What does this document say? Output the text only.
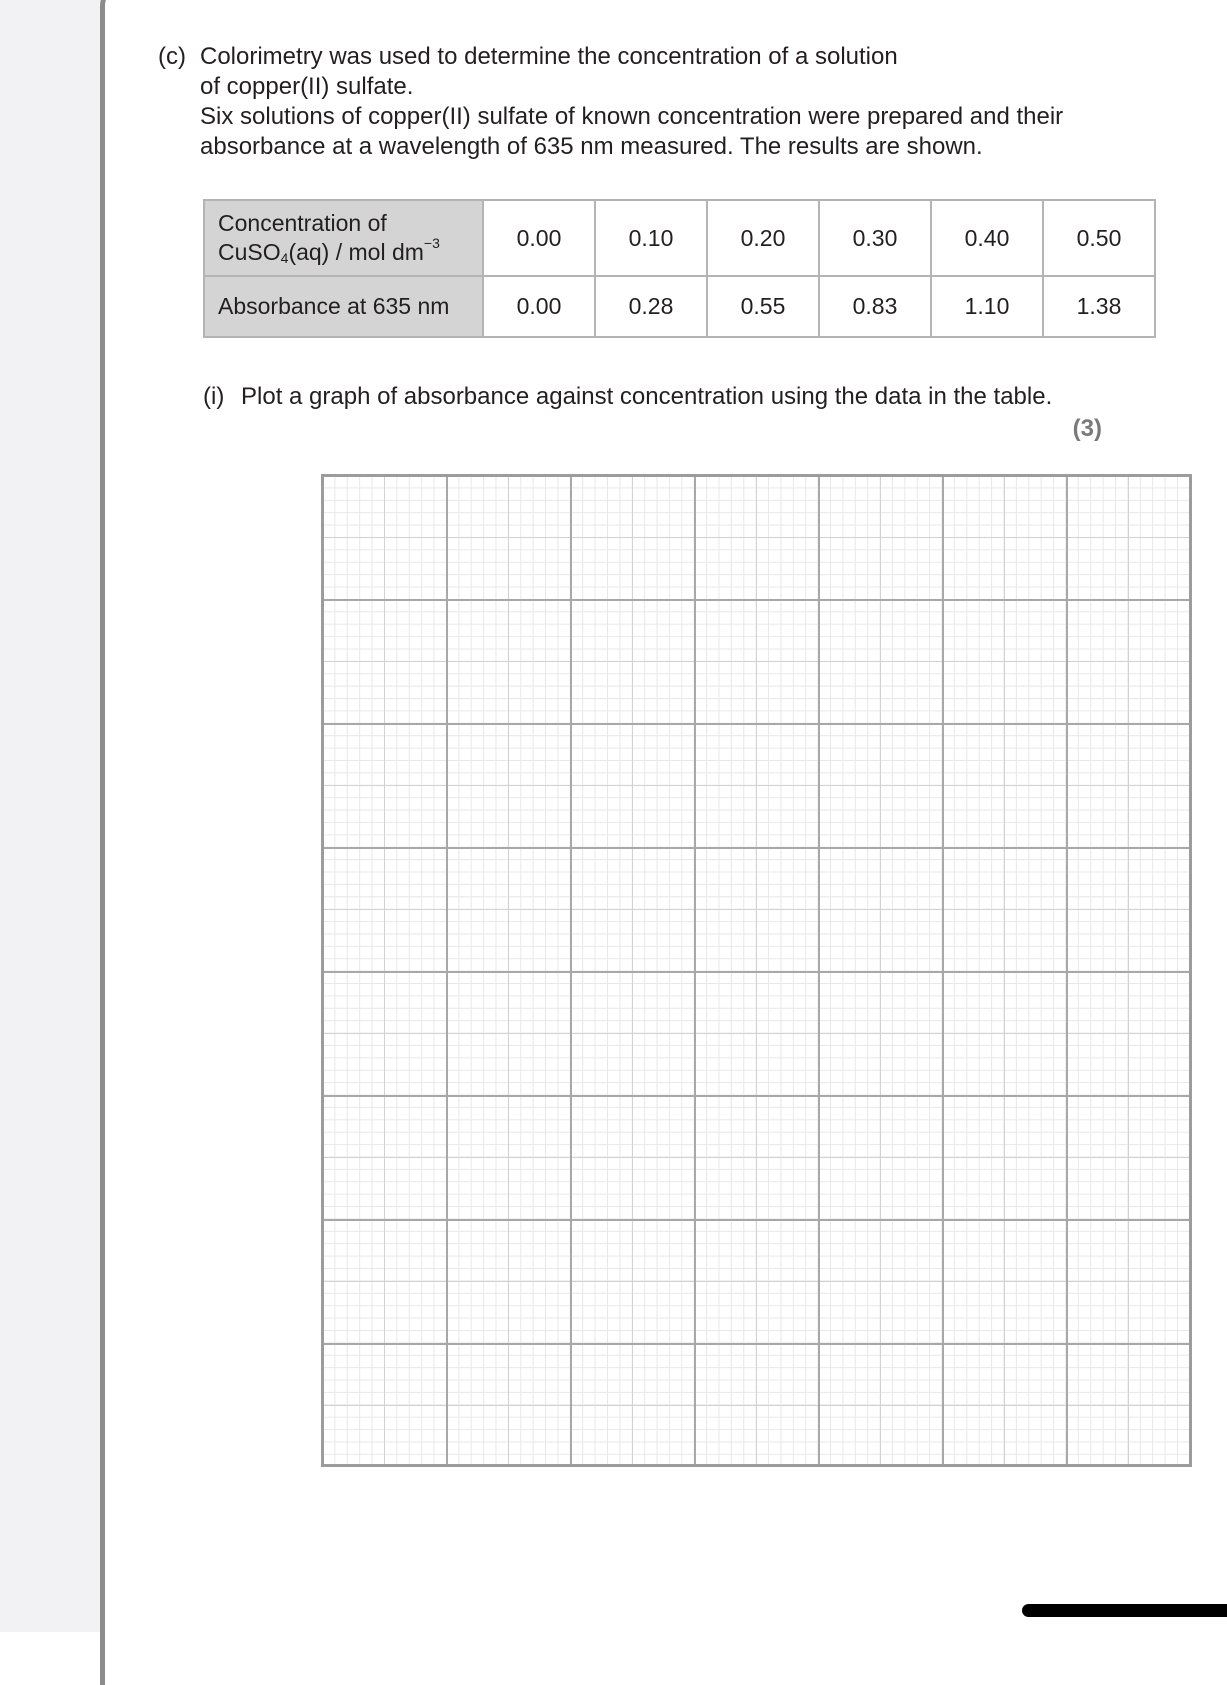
(c) Colorimetry was used to determine the concentration of a solution

of copper(II) sulfate.

Six solutions of copper(II) sulfate of known concentration were prepared and their

absorbance at a wavelength of 635 nm measured. The results are shown.

Concentration of
CuSO$_4$(aq) / mol $dm^{-3}$	0.00	0.10	0.20	0.30	0.40	0.50
Absorbance at 635 nm	0.00	0.28	0.55	0.83	1.10	1.38
(i) Plot a graph of absorbance against concentration using the data in the table.
(3)
